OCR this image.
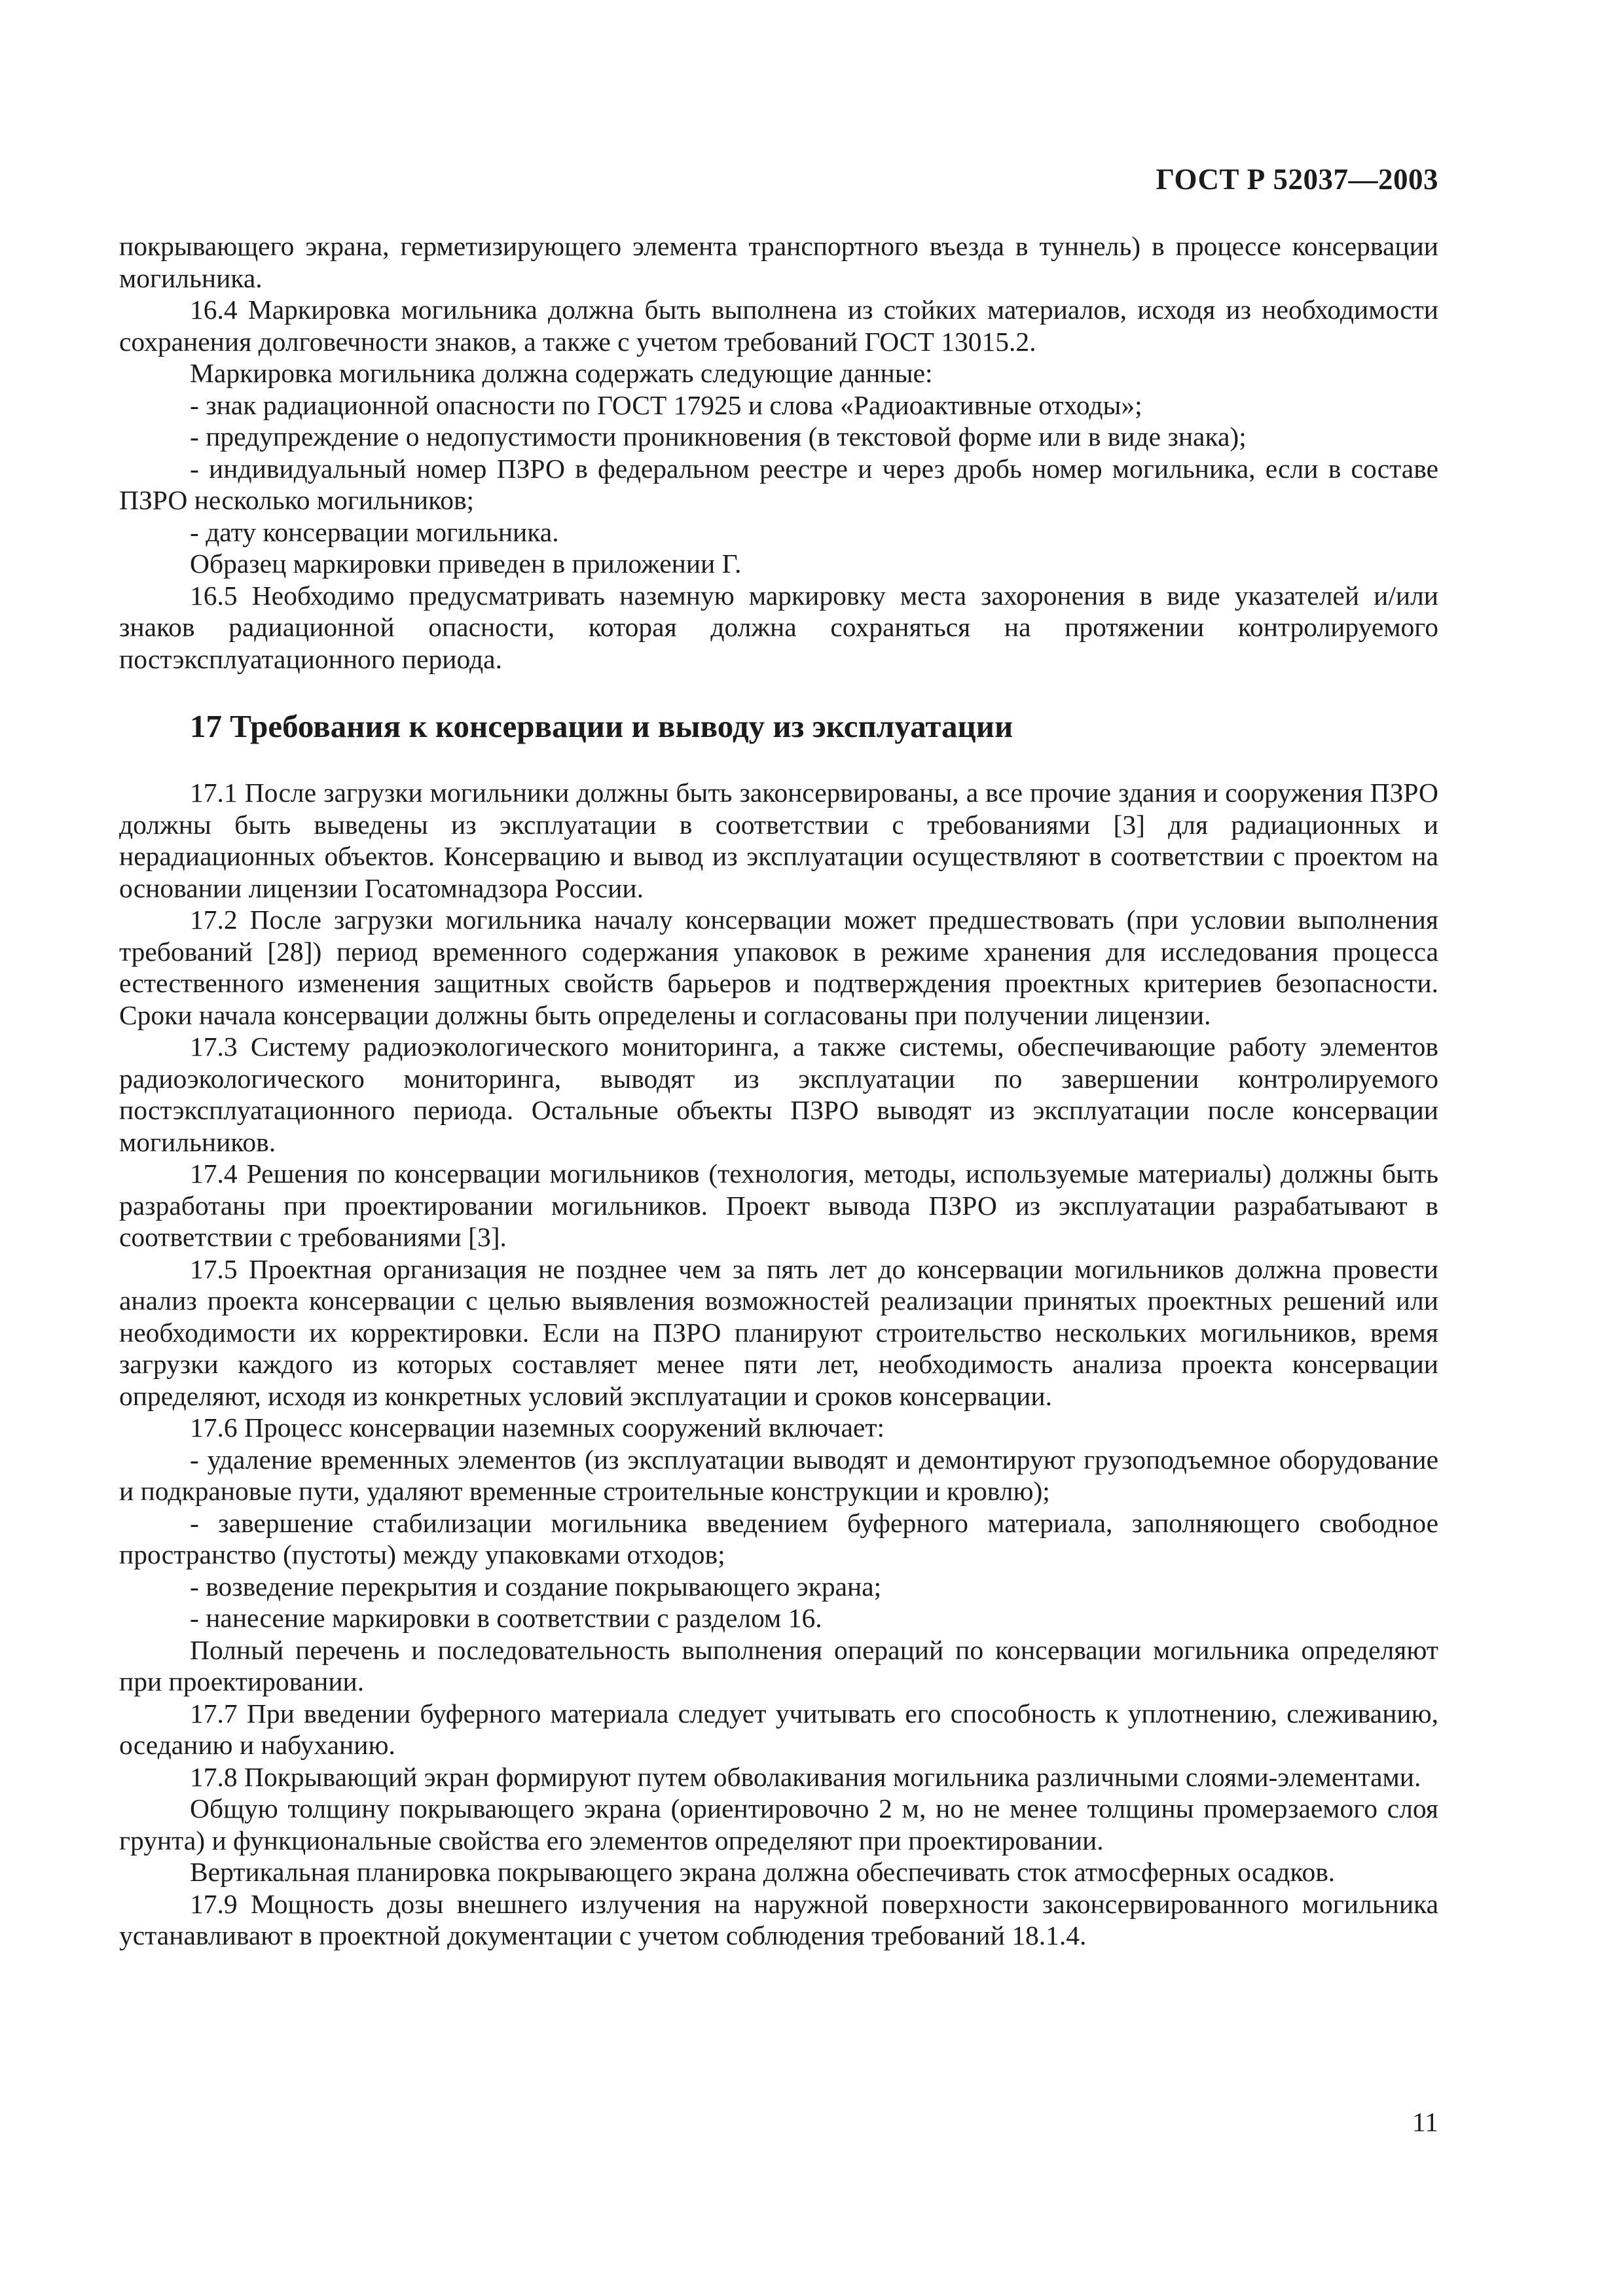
ГОСТ Р 52037—2003

покрывающего экрана, герметизирующего элемента транспортного въезда в туннель) в процессе консервации могильника.

16.4 Маркировка могильника должна быть выполнена из стойких материалов, исходя из необходимости сохранения долговечности знаков, а также с учетом требований ГОСТ 13015.2.

Маркировка могильника должна содержать следующие данные:

- знак радиационной опасности по ГОСТ 17925 и слова «Радиоактивные отходы»;

- предупреждение о недопустимости проникновения (в текстовой форме или в виде знака);

- индивидуальный номер ПЗРО в федеральном реестре и через дробь номер могильника, если в составе ПЗРО несколько могильников;

- дату консервации могильника.

Образец маркировки приведен в приложении Г.

16.5 Необходимо предусматривать наземную маркировку места захоронения в виде указателей и/или знаков радиационной опасности, которая должна сохраняться на протяжении контролируемого постэксплуатационного периода.

17 Требования к консервации и выводу из эксплуатации

17.1 После загрузки могильники должны быть законсервированы, а все прочие здания и сооружения ПЗРО должны быть выведены из эксплуатации в соответствии с требованиями [3] для радиационных и нерадиационных объектов. Консервацию и вывод из эксплуатации осуществляют в соответствии с проектом на основании лицензии Госатомнадзора России.

17.2 После загрузки могильника началу консервации может предшествовать (при условии выполнения требований [28]) период временного содержания упаковок в режиме хранения для исследования процесса естественного изменения защитных свойств барьеров и подтверждения проектных критериев безопасности. Сроки начала консервации должны быть определены и согласованы при получении лицензии.

17.3 Систему радиоэкологического мониторинга, а также системы, обеспечивающие работу элементов радиоэкологического мониторинга, выводят из эксплуатации по завершении контролируемого постэксплуатационного периода. Остальные объекты ПЗРО выводят из эксплуатации после консервации могильников.

17.4 Решения по консервации могильников (технология, методы, используемые материалы) должны быть разработаны при проектировании могильников. Проект вывода ПЗРО из эксплуатации разрабатывают в соответствии с требованиями [3].

17.5 Проектная организация не позднее чем за пять лет до консервации могильников должна провести анализ проекта консервации с целью выявления возможностей реализации принятых проектных решений или необходимости их корректировки. Если на ПЗРО планируют строительство нескольких могильников, время загрузки каждого из которых составляет менее пяти лет, необходимость анализа проекта консервации определяют, исходя из конкретных условий эксплуатации и сроков консервации.

17.6 Процесс консервации наземных сооружений включает:

- удаление временных элементов (из эксплуатации выводят и демонтируют грузоподъемное оборудование и подкрановые пути, удаляют временные строительные конструкции и кровлю);

- завершение стабилизации могильника введением буферного материала, заполняющего свободное пространство (пустоты) между упаковками отходов;

- возведение перекрытия и создание покрывающего экрана;

- нанесение маркировки в соответствии с разделом 16.

Полный перечень и последовательность выполнения операций по консервации могильника определяют при проектировании.

17.7 При введении буферного материала следует учитывать его способность к уплотнению, слеживанию, оседанию и набуханию.

17.8 Покрывающий экран формируют путем обволакивания могильника различными слоями-элементами.

Общую толщину покрывающего экрана (ориентировочно 2 м, но не менее толщины промерзаемого слоя грунта) и функциональные свойства его элементов определяют при проектировании.

Вертикальная планировка покрывающего экрана должна обеспечивать сток атмосферных осадков.

17.9 Мощность дозы внешнего излучения на наружной поверхности законсервированного могильника устанавливают в проектной документации с учетом соблюдения требований 18.1.4.

11
